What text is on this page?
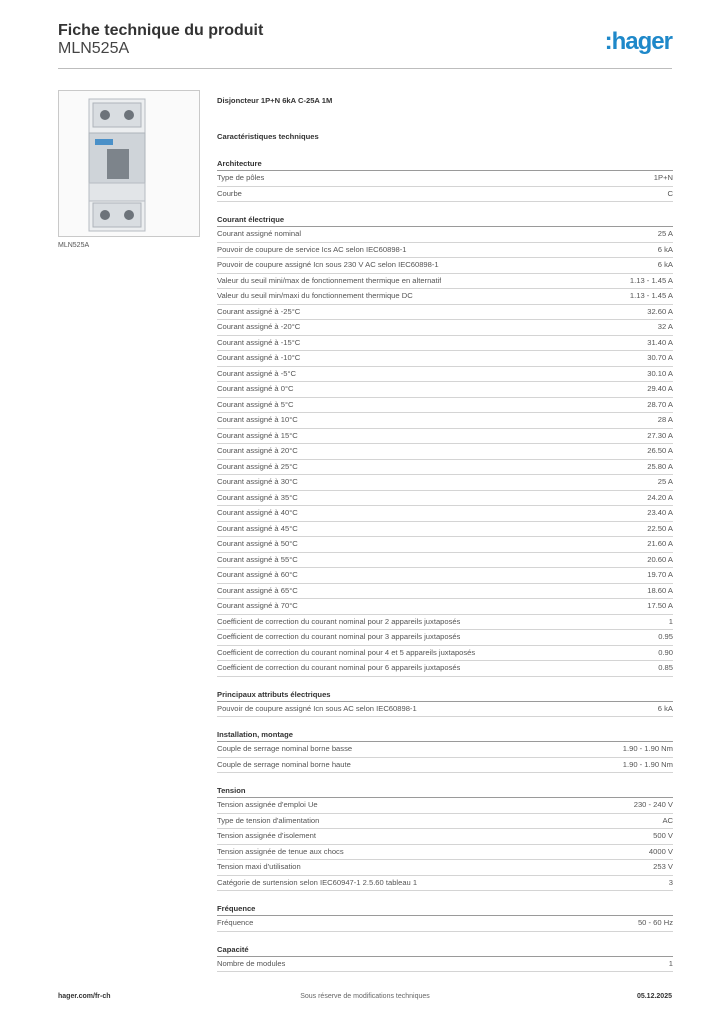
Fiche technique du produit
MLN525A	:hager
MLN525A
Disjoncteur 1P+N 6kA C-25A 1M
Caractéristiques techniques
Architecture
Type de pôles	1P+N
Courbe	C
Courant électrique
Courant assigné nominal	25 A
Pouvoir de coupure de service Ics AC selon IEC60898-1	6 kA
Pouvoir de coupure assigné Icn sous 230 V AC selon IEC60898-1	6 kA
Valeur du seuil mini/max de fonctionnement thermique en alternatif	1.13 - 1.45 A
Valeur du seuil min/maxi du fonctionnement thermique DC	1.13 - 1.45 A
Courant assigné à -25°C	32.60 A
Courant assigné à -20°C	32 A
Courant assigné à -15°C	31.40 A
Courant assigné à -10°C	30.70 A
Courant assigné à -5°C	30.10 A
Courant assigné à 0°C	29.40 A
Courant assigné à 5°C	28.70 A
Courant assigné à 10°C	28 A
Courant assigné à 15°C	27.30 A
Courant assigné à 20°C	26.50 A
Courant assigné à 25°C	25.80 A
Courant assigné à 30°C	25 A
Courant assigné à 35°C	24.20 A
Courant assigné à 40°C	23.40 A
Courant assigné à 45°C	22.50 A
Courant assigné à 50°C	21.60 A
Courant assigné à 55°C	20.60 A
Courant assigné à 60°C	19.70 A
Courant assigné à 65°C	18.60 A
Courant assigné à 70°C	17.50 A
Coefficient de correction du courant nominal pour 2 appareils juxtaposés	1
Coefficient de correction du courant nominal pour 3 appareils juxtaposés	0.95
Coefficient de correction du courant nominal pour 4 et 5 appareils juxtaposés	0.90
Coefficient de correction du courant nominal pour 6 appareils juxtaposés	0.85
Principaux attributs électriques
Pouvoir de coupure assigné Icn sous AC selon IEC60898-1	6 kA
Installation, montage
Couple de serrage nominal borne basse	1.90 - 1.90 Nm
Couple de serrage nominal borne haute	1.90 - 1.90 Nm
Tension
Tension assignée d'emploi Ue	230 - 240 V
Type de tension d'alimentation	AC
Tension assignée d'isolement	500 V
Tension assignée de tenue aux chocs	4000 V
Tension maxi d'utilisation	253 V
Catégorie de surtension selon IEC60947-1 2.5.60 tableau 1	3
Fréquence
Fréquence	50 - 60 Hz
Capacité
Nombre de modules	1
hager.com/fr-ch	Sous réserve de modifications techniques	05.12.2025
